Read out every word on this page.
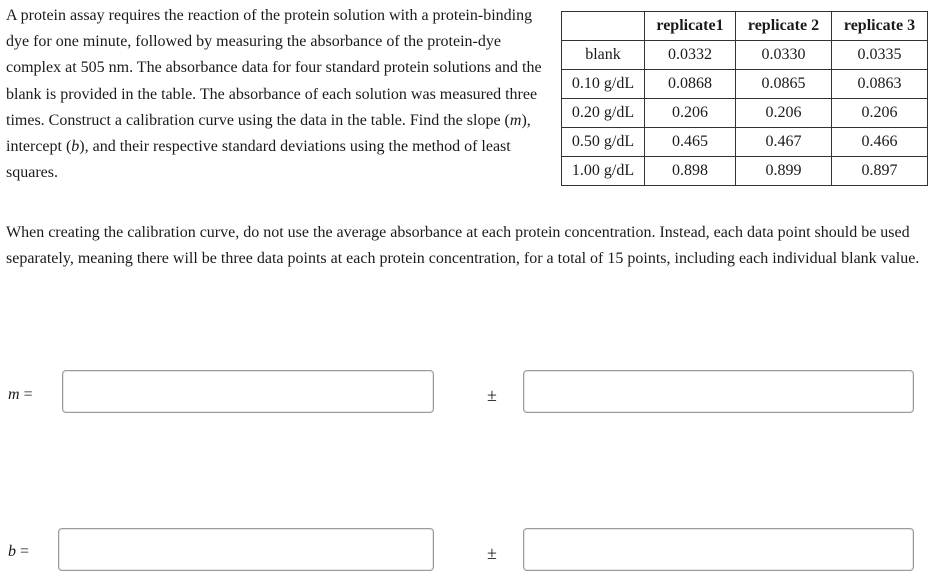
A protein assay requires the reaction of the protein solution with a protein-binding dye for one minute, followed by measuring the absorbance of the protein-dye complex at 505 nm. The absorbance data for four standard protein solutions and the blank is provided in the table. The absorbance of each solution was measured three times. Construct a calibration curve using the data in the table. Find the slope (m), intercept (b), and their respective standard deviations using the method of least squares.

	replicate1	replicate 2	replicate 3
blank	0.0332	0.0330	0.0335
0.10 g/dL	0.0868	0.0865	0.0863
0.20 g/dL	0.206	0.206	0.206
0.50 g/dL	0.465	0.467	0.466
1.00 g/dL	0.898	0.899	0.897

When creating the calibration curve, do not use the average absorbance at each protein concentration. Instead, each data point should be used separately, meaning there will be three data points at each protein concentration, for a total of 15 points, including each individual blank value.

m =	±
b =	±
